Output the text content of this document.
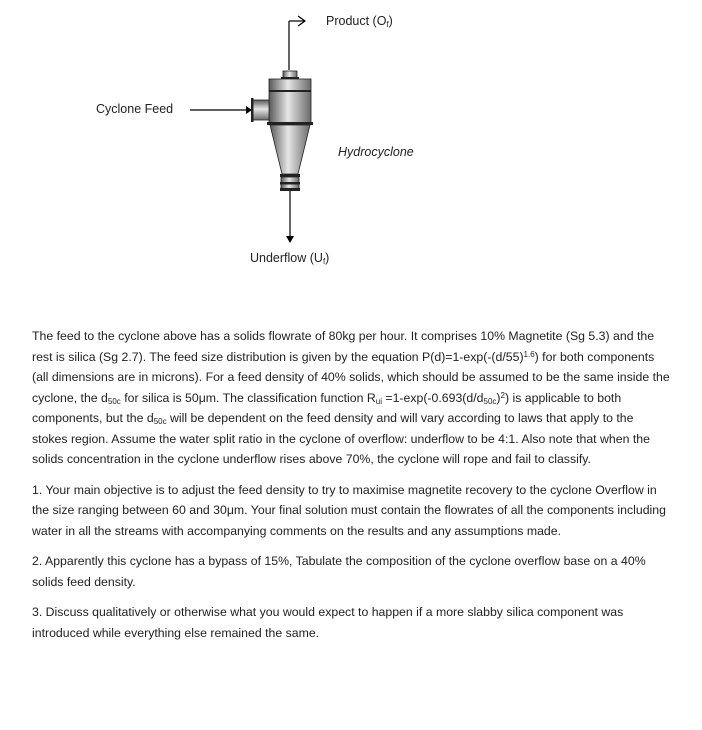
Product $(O_f)$
Cyclone Feed
Hydrocyclone
Underflow $(U_f)$

The feed to the cyclone above has a solids flowrate of 80kg per hour. It comprises 10% Magnetite (Sg 5.3) and the rest is silica (Sg 2.7). The feed size distribution is given by the equation $P(d)=1-\exp(-(d/55)^{1.6})$ for both components (all dimensions are in microns). For a feed density of 40% solids, which should be assumed to be the same inside the cyclone, the $d_{50c}$ for silica is 50μm. The classification function $R_{ui} =1-\exp(-0.693(d/d_{50c})^2)$ is applicable to both components, but the $d_{50c}$ will be dependent on the feed density and will vary according to laws that apply to the stokes region. Assume the water split ratio in the cyclone of overflow: underflow to be 4:1. Also note that when the solids concentration in the cyclone underflow rises above 70%, the cyclone will rope and fail to classify.

1. Your main objective is to adjust the feed density to try to maximise magnetite recovery to the cyclone Overflow in the size ranging between 60 and 30μm. Your final solution must contain the flowrates of all the components including water in all the streams with accompanying comments on the results and any assumptions made.

2. Apparently this cyclone has a bypass of 15%, Tabulate the composition of the cyclone overflow base on a 40% solids feed density.

3. Discuss qualitatively or otherwise what you would expect to happen if a more slabby silica component was introduced while everything else remained the same.
